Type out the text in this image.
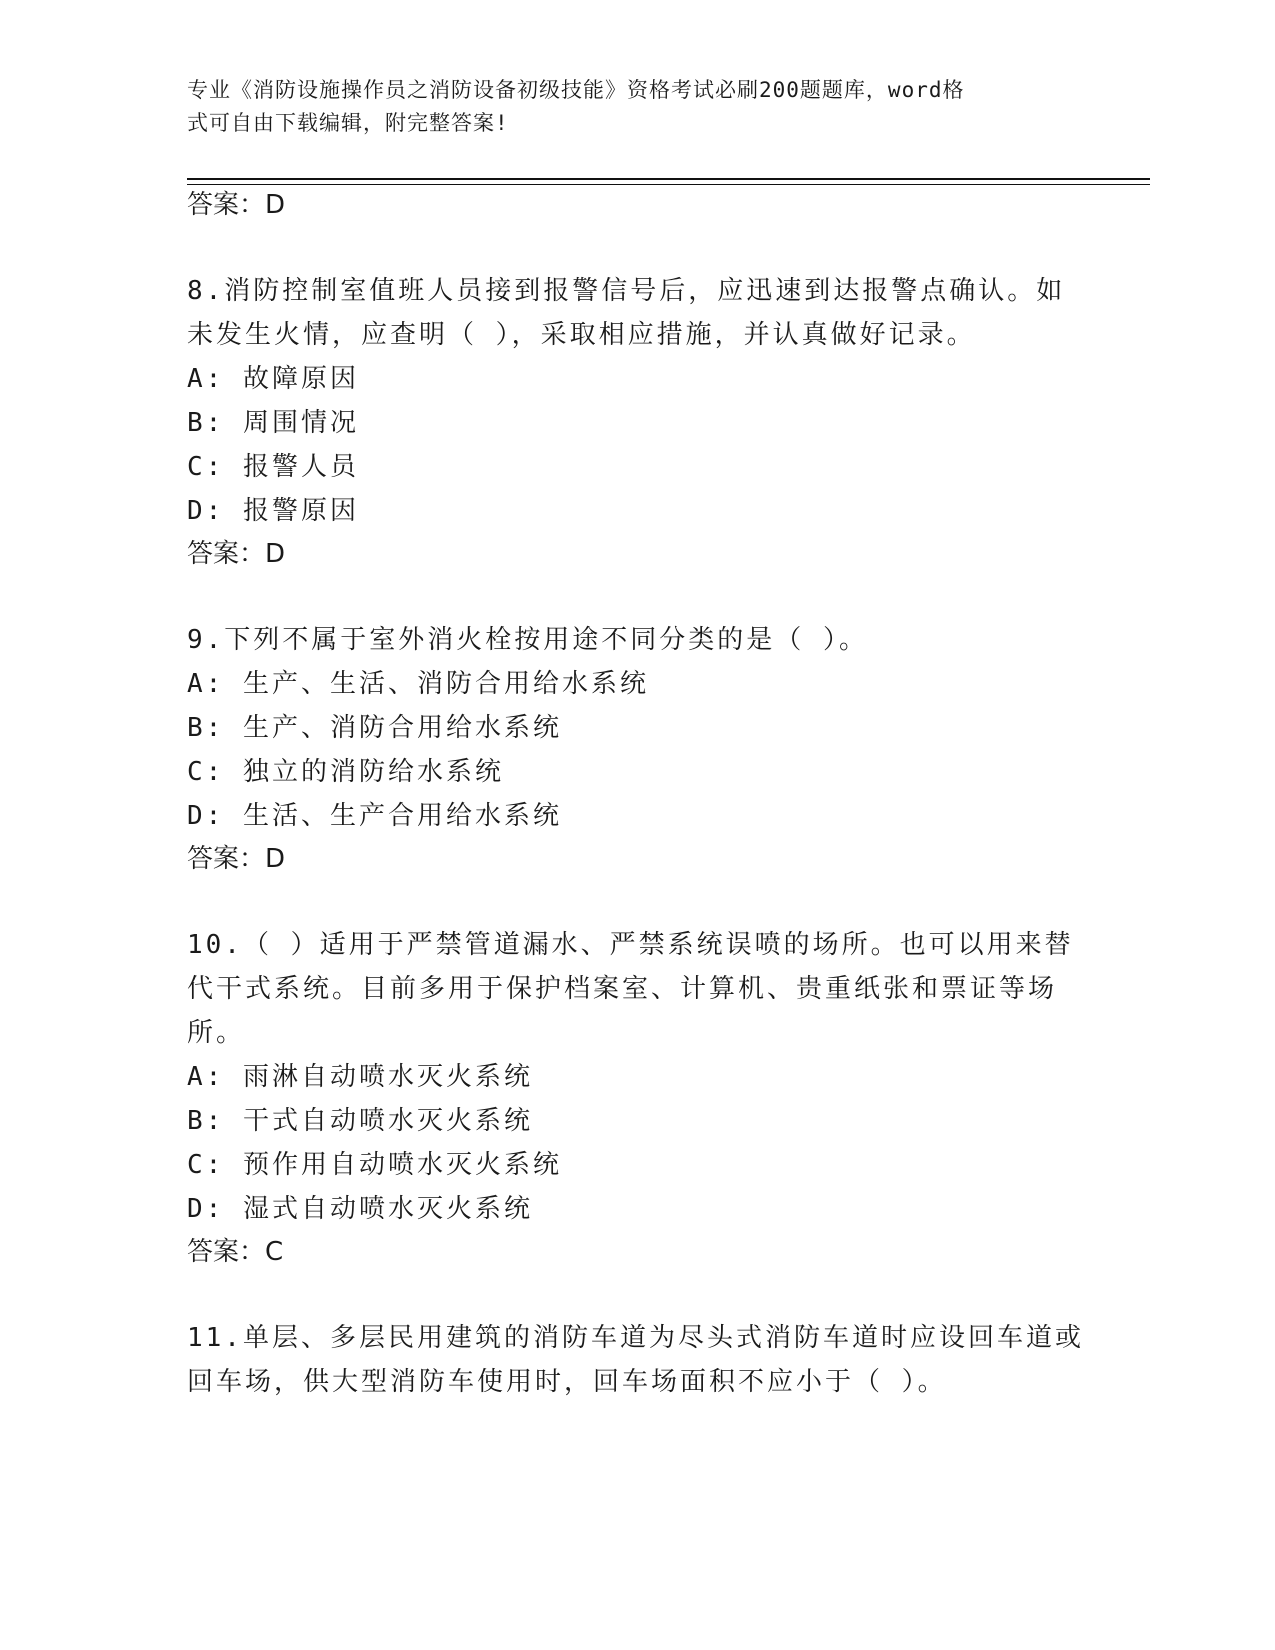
专业《消防设施操作员之消防设备初级技能》资格考试必刷200题题库，word格
式可自由下载编辑，附完整答案!
答案：D
8.消防控制室值班人员接到报警信号后，应迅速到达报警点确认。如
未发生火情，应查明（ ），采取相应措施，并认真做好记录。
A: 故障原因
B: 周围情况
C: 报警人员
D: 报警原因
答案：D
9.下列不属于室外消火栓按用途不同分类的是（ ）。
A: 生产、生活、消防合用给水系统
B: 生产、消防合用给水系统
C: 独立的消防给水系统
D: 生活、生产合用给水系统
答案：D
10.（ ）适用于严禁管道漏水、严禁系统误喷的场所。也可以用来替
代干式系统。目前多用于保护档案室、计算机、贵重纸张和票证等场
所。
A: 雨淋自动喷水灭火系统
B: 干式自动喷水灭火系统
C: 预作用自动喷水灭火系统
D: 湿式自动喷水灭火系统
答案：C
11.单层、多层民用建筑的消防车道为尽头式消防车道时应设回车道或
回车场，供大型消防车使用时，回车场面积不应小于（ ）。
